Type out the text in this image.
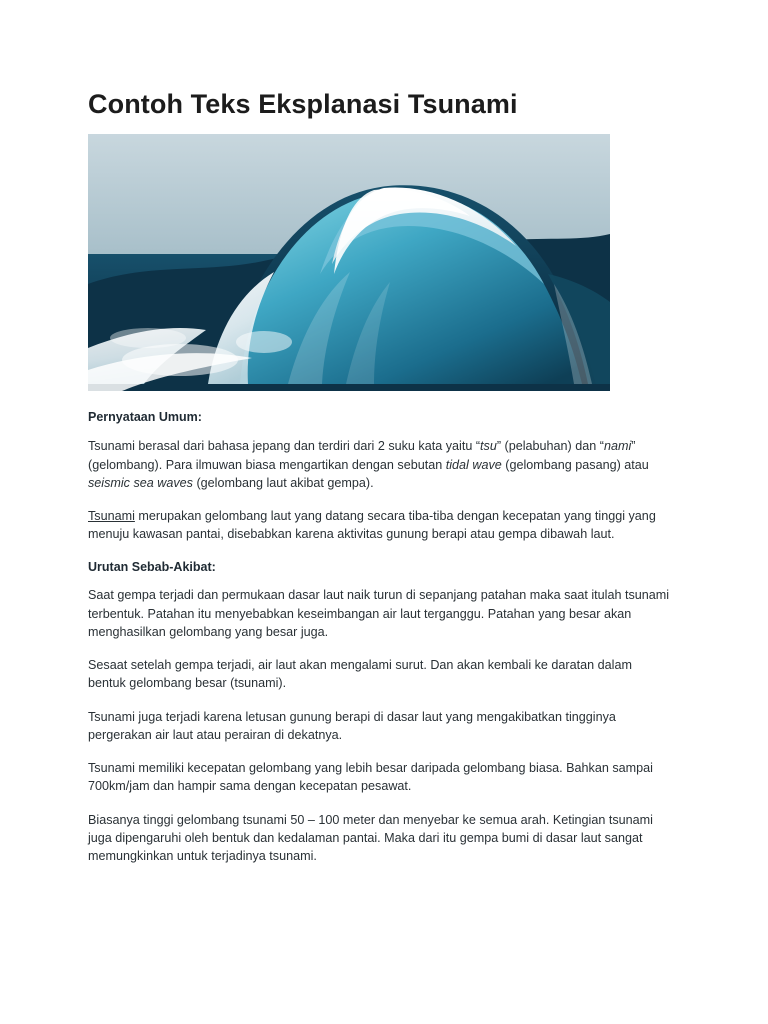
Contoh Teks Eksplanasi Tsunami
Pernyataan Umum:

Tsunami berasal dari bahasa jepang dan terdiri dari 2 suku kata yaitu “tsu” (pelabuhan) dan “nami” (gelombang). Para ilmuwan biasa mengartikan dengan sebutan tidal wave (gelombang pasang) atau seismic sea waves (gelombang laut akibat gempa).

Tsunami merupakan gelombang laut yang datang secara tiba-tiba dengan kecepatan yang tinggi yang menuju kawasan pantai, disebabkan karena aktivitas gunung berapi atau gempa dibawah laut.

Urutan Sebab-Akibat:

Saat gempa terjadi dan permukaan dasar laut naik turun di sepanjang patahan maka saat itulah tsunami terbentuk. Patahan itu menyebabkan keseimbangan air laut terganggu. Patahan yang besar akan menghasilkan gelombang yang besar juga.

Sesaat setelah gempa terjadi, air laut akan mengalami surut. Dan akan kembali ke daratan dalam bentuk gelombang besar (tsunami).

Tsunami juga terjadi karena letusan gunung berapi di dasar laut yang mengakibatkan tingginya pergerakan air laut atau perairan di dekatnya.

Tsunami memiliki kecepatan gelombang yang lebih besar daripada gelombang biasa. Bahkan sampai 700km/jam dan hampir sama dengan kecepatan pesawat.

Biasanya tinggi gelombang tsunami 50 – 100 meter dan menyebar ke semua arah. Ketingian tsunami juga dipengaruhi oleh bentuk dan kedalaman pantai. Maka dari itu gempa bumi di dasar laut sangat memungkinkan untuk terjadinya tsunami.
